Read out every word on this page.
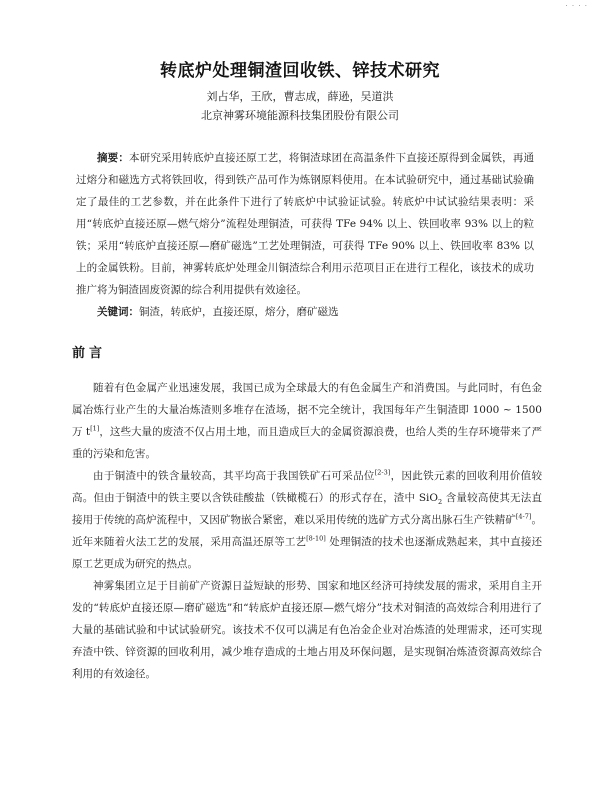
· · · ·
转底炉处理铜渣回收铁、锌技术研究
刘占华，王欣，曹志成，薛逊，吴道洪
北京神雾环境能源科技集团股份有限公司
摘要：本研究采用转底炉直接还原工艺，将铜渣球团在高温条件下直接还原得到金属铁，再通过熔分和磁选方式将铁回收，得到铁产品可作为炼钢原料使用。在本试验研究中，通过基础试验确定了最佳的工艺参数，并在此条件下进行了转底炉中试验证试验。转底炉中试试验结果表明：采用“转底炉直接还原—燃气熔分”流程处理铜渣，可获得 TFe 94% 以上、铁回收率 93% 以上的粒铁；采用“转底炉直接还原—磨矿磁选”工艺处理铜渣，可获得 TFe 90% 以上、铁回收率 83% 以上的金属铁粉。目前，神雾转底炉处理金川铜渣综合利用示范项目正在进行工程化，该技术的成功推广将为铜渣固废资源的综合利用提供有效途径。
关键词：铜渣，转底炉，直接还原，熔分，磨矿磁选
前言
随着有色金属产业迅速发展，我国已成为全球最大的有色金属生产和消费国。与此同时，有色金属冶炼行业产生的大量冶炼渣则多堆存在渣场，据不完全统计，我国每年产生铜渣即 1000 ~ 1500 万 t[1]，这些大量的废渣不仅占用土地，而且造成巨大的金属资源浪费，也给人类的生存环境带来了严重的污染和危害。
由于铜渣中的铁含量较高，其平均高于我国铁矿石可采品位[2-3]，因此铁元素的回收利用价值较高。但由于铜渣中的铁主要以含铁硅酸盐（铁橄榄石）的形式存在，渣中 SiO$_2$ 含量较高使其无法直接用于传统的高炉流程中，又因矿物嵌合紧密，难以采用传统的选矿方式分离出脉石生产铁精矿[4-7]。近年来随着火法工艺的发展，采用高温还原等工艺[8-10] 处理铜渣的技术也逐渐成熟起来，其中直接还原工艺更成为研究的热点。
神雾集团立足于目前矿产资源日益短缺的形势、国家和地区经济可持续发展的需求，采用自主开发的“转底炉直接还原—磨矿磁选”和“转底炉直接还原—燃气熔分”技术对铜渣的高效综合利用进行了大量的基础试验和中试试验研究。该技术不仅可以满足有色冶金企业对冶炼渣的处理需求，还可实现弃渣中铁、锌资源的回收利用，减少堆存造成的土地占用及环保问题，是实现铜冶炼渣资源高效综合利用的有效途径。
